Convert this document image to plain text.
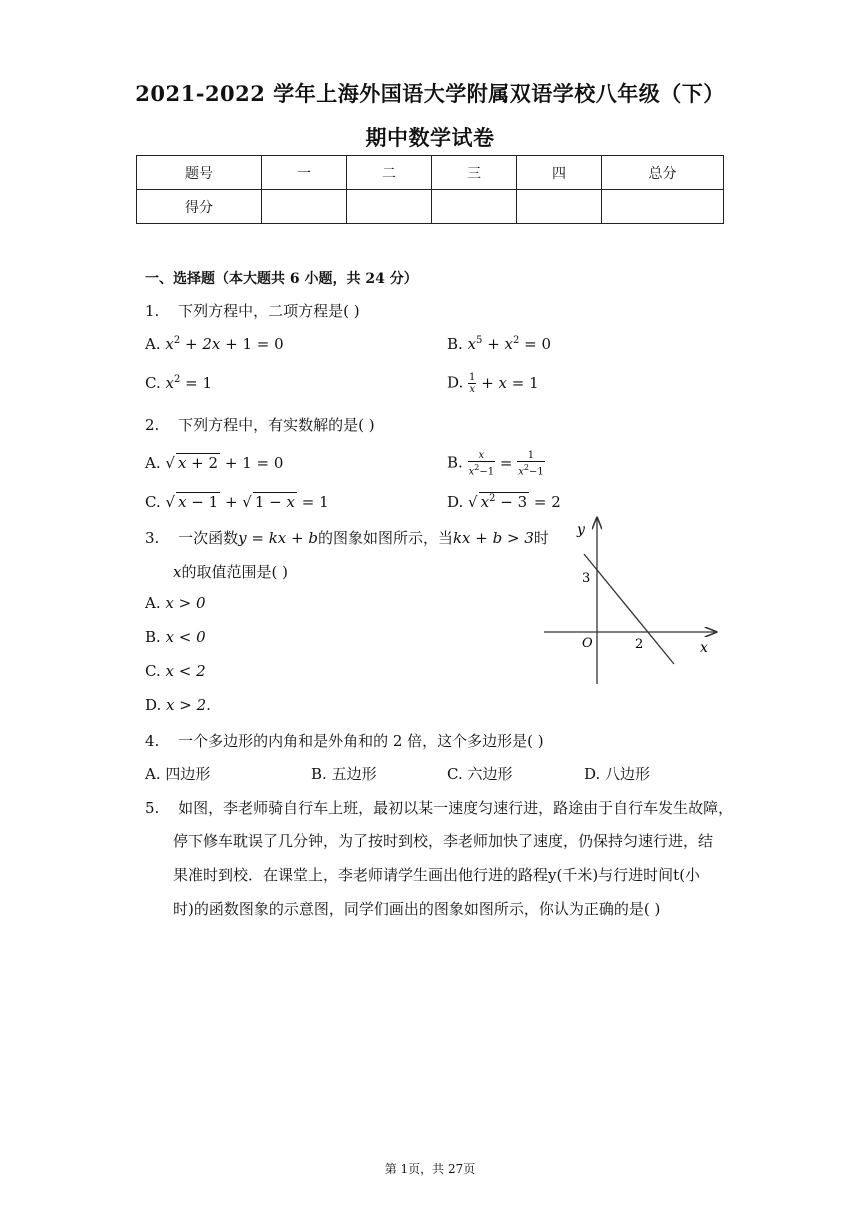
2021-2022 学年上海外国语大学附属双语学校八年级（下）
期中数学试卷
题号	一	二	三	四	总分
得分					
一、选择题（本大题共 6 小题，共 24 分）
1. 下列方程中，二项方程是( )
A. $x^2 + 2x + 1 = 0$	B. $x^5 + x^2 = 0$
C. $x^2 = 1$	D. $\frac{1}{x} + x = 1$
2. 下列方程中，有实数解的是( )
A. √ x + 2 + 1 = 0	B. $\frac{x}{x^2-1} = \frac{1}{x^2-1}$
C. √ x − 1 + √ 1 − x = 1	D. √ $x^2 - 3 = 2$
3. 一次函数y = kx + b的图象如图所示，当kx + b > 3时
x的取值范围是( )
A. x > 0
B. x < 0
C. x < 2
D. x > 2.
y
x
O
3
2
4. 一个多边形的内角和是外角和的 2 倍，这个多边形是( )
A. 四边形	B. 五边形	C. 六边形	D. 八边形
5. 如图，李老师骑自行车上班，最初以某一速度匀速行进，路途由于自行车发生故障，
停下修车耽误了几分钟，为了按时到校，李老师加快了速度，仍保持匀速行进，结
果准时到校．在课堂上，李老师请学生画出他行进的路程y(千米)与行进时间t(小
时)的函数图象的示意图，同学们画出的图象如图所示，你认为正确的是( )
第 1页，共 27页
